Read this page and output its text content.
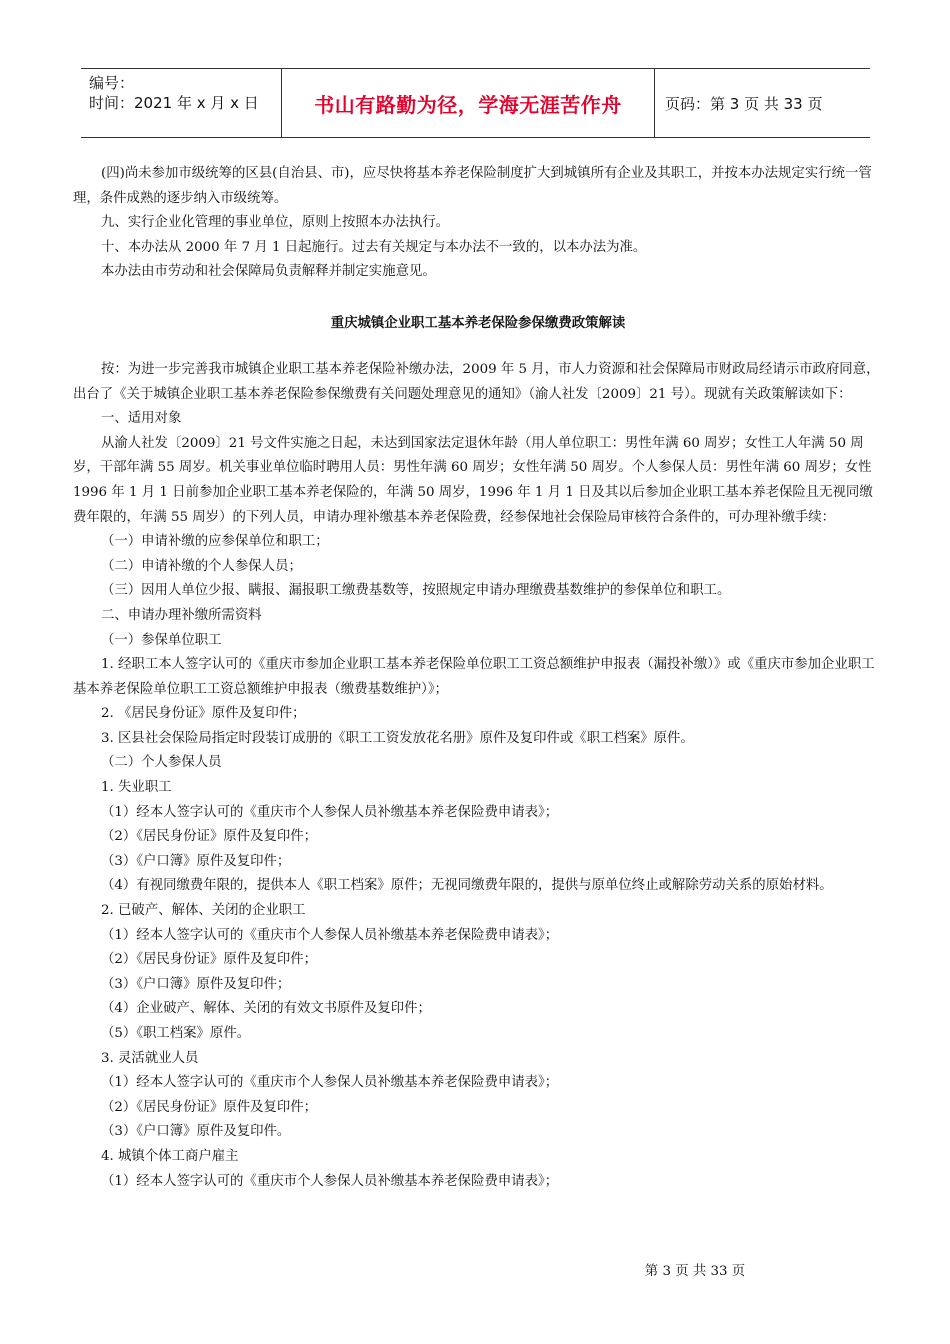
编号：
时间：2021 年 x 月 x 日	书山有路勤为径，学海无涯苦作舟	页码：第 3 页 共 33 页

(四)尚未参加市级统筹的区县(自治县、市)，应尽快将基本养老保险制度扩大到城镇所有企业及其职工，并按本办法规定实行统一管理，条件成熟的逐步纳入市级统筹。

九、实行企业化管理的事业单位，原则上按照本办法执行。

十、本办法从 2000 年 7 月 1 日起施行。过去有关规定与本办法不一致的，以本办法为准。

本办法由市劳动和社会保障局负责解释并制定实施意见。

重庆城镇企业职工基本养老保险参保缴费政策解读

按：为进一步完善我市城镇企业职工基本养老保险补缴办法，2009 年 5 月，市人力资源和社会保障局市财政局经请示市政府同意，出台了《关于城镇企业职工基本养老保险参保缴费有关问题处理意见的通知》（渝人社发〔2009〕21 号）。现就有关政策解读如下：

一、适用对象

从渝人社发〔2009〕21 号文件实施之日起，未达到国家法定退休年龄（用人单位职工：男性年满 60 周岁；女性工人年满 50 周岁，干部年满 55 周岁。机关事业单位临时聘用人员：男性年满 60 周岁；女性年满 50 周岁。个人参保人员：男性年满 60 周岁；女性 1996 年 1 月 1 日前参加企业职工基本养老保险的，年满 50 周岁，1996 年 1 月 1 日及其以后参加企业职工基本养老保险且无视同缴费年限的，年满 55 周岁）的下列人员，申请办理补缴基本养老保险费，经参保地社会保险局审核符合条件的，可办理补缴手续：

（一）申请补缴的应参保单位和职工；

（二）申请补缴的个人参保人员；

（三）因用人单位少报、瞒报、漏报职工缴费基数等，按照规定申请办理缴费基数维护的参保单位和职工。

二、申请办理补缴所需资料

（一）参保单位职工

1. 经职工本人签字认可的《重庆市参加企业职工基本养老保险单位职工工资总额维护申报表（漏投补缴）》或《重庆市参加企业职工基本养老保险单位职工工资总额维护申报表（缴费基数维护）》；

2. 《居民身份证》原件及复印件；

3. 区县社会保险局指定时段装订成册的《职工工资发放花名册》原件及复印件或《职工档案》原件。

（二）个人参保人员

1. 失业职工

（1）经本人签字认可的《重庆市个人参保人员补缴基本养老保险费申请表》；

（2）《居民身份证》原件及复印件；

（3）《户口簿》原件及复印件；

（4）有视同缴费年限的，提供本人《职工档案》原件；无视同缴费年限的，提供与原单位终止或解除劳动关系的原始材料。

2. 已破产、解体、关闭的企业职工

（1）经本人签字认可的《重庆市个人参保人员补缴基本养老保险费申请表》；

（2）《居民身份证》原件及复印件；

（3）《户口簿》原件及复印件；

（4）企业破产、解体、关闭的有效文书原件及复印件；

（5）《职工档案》原件。

3. 灵活就业人员

（1）经本人签字认可的《重庆市个人参保人员补缴基本养老保险费申请表》；

（2）《居民身份证》原件及复印件；

（3）《户口簿》原件及复印件。

4. 城镇个体工商户雇主

（1）经本人签字认可的《重庆市个人参保人员补缴基本养老保险费申请表》；

第 3 页 共 33 页
